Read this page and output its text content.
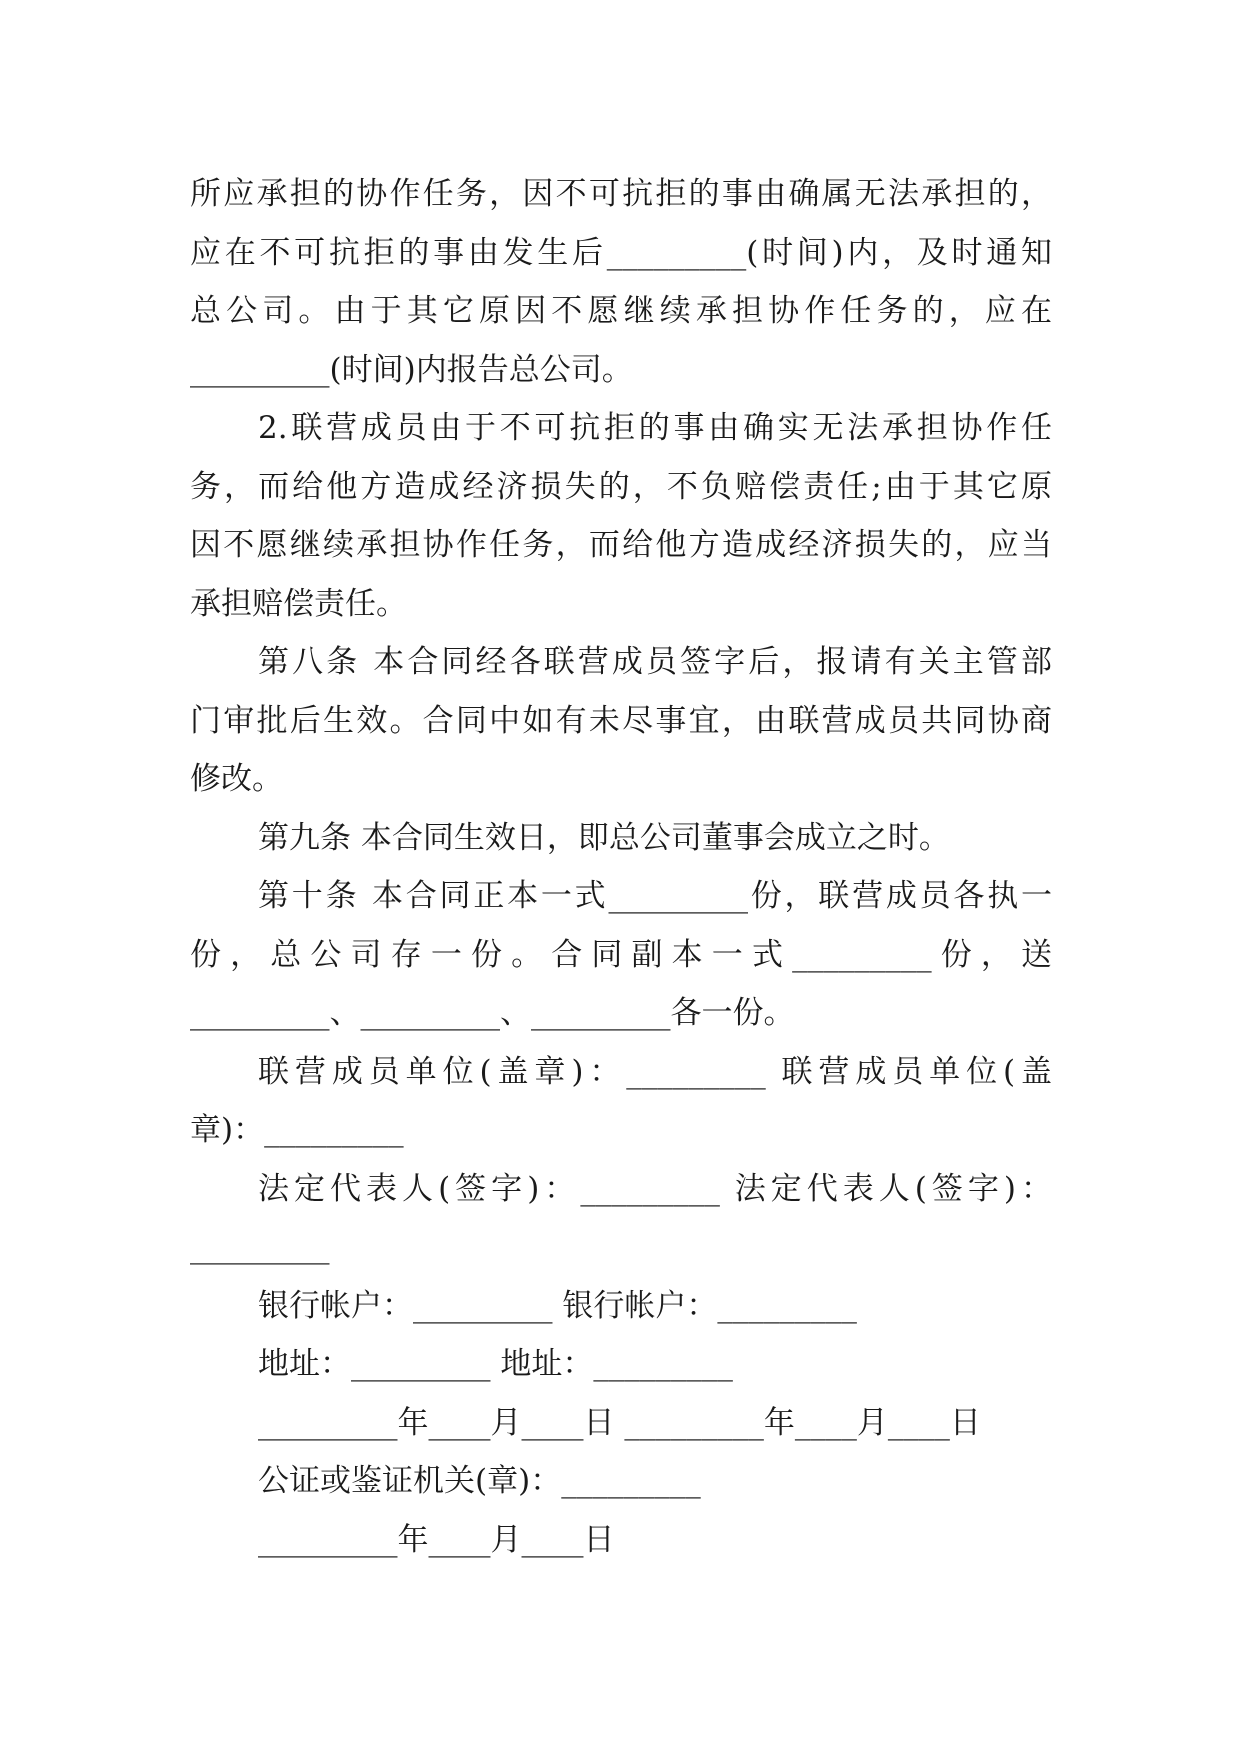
所应承担的协作任务，因不可抗拒的事由确属无法承担的，
应在不可抗拒的事由发生后_________(时间)内，及时通知
总公司。由于其它原因不愿继续承担协作任务的，应在
_________(时间)内报告总公司。
2.联营成员由于不可抗拒的事由确实无法承担协作任
务，而给他方造成经济损失的，不负赔偿责任;由于其它原
因不愿继续承担协作任务，而给他方造成经济损失的，应当
承担赔偿责任。
第八条 本合同经各联营成员签字后，报请有关主管部
门审批后生效。合同中如有未尽事宜，由联营成员共同协商
修改。
第九条 本合同生效日，即总公司董事会成立之时。
第十条 本合同正本一式_________份，联营成员各执一
份，总公司存一份。合同副本一式_________份，送
_________、_________、_________各一份。
联营成员单位(盖章)：_________ 联营成员单位(盖
章)：_________
法定代表人(签字)：_________ 法定代表人(签字)：
_________
银行帐户：_________ 银行帐户：_________
地址：_________ 地址：_________
_________年____月____日 _________年____月____日
公证或鉴证机关(章)：_________
_________年____月____日
